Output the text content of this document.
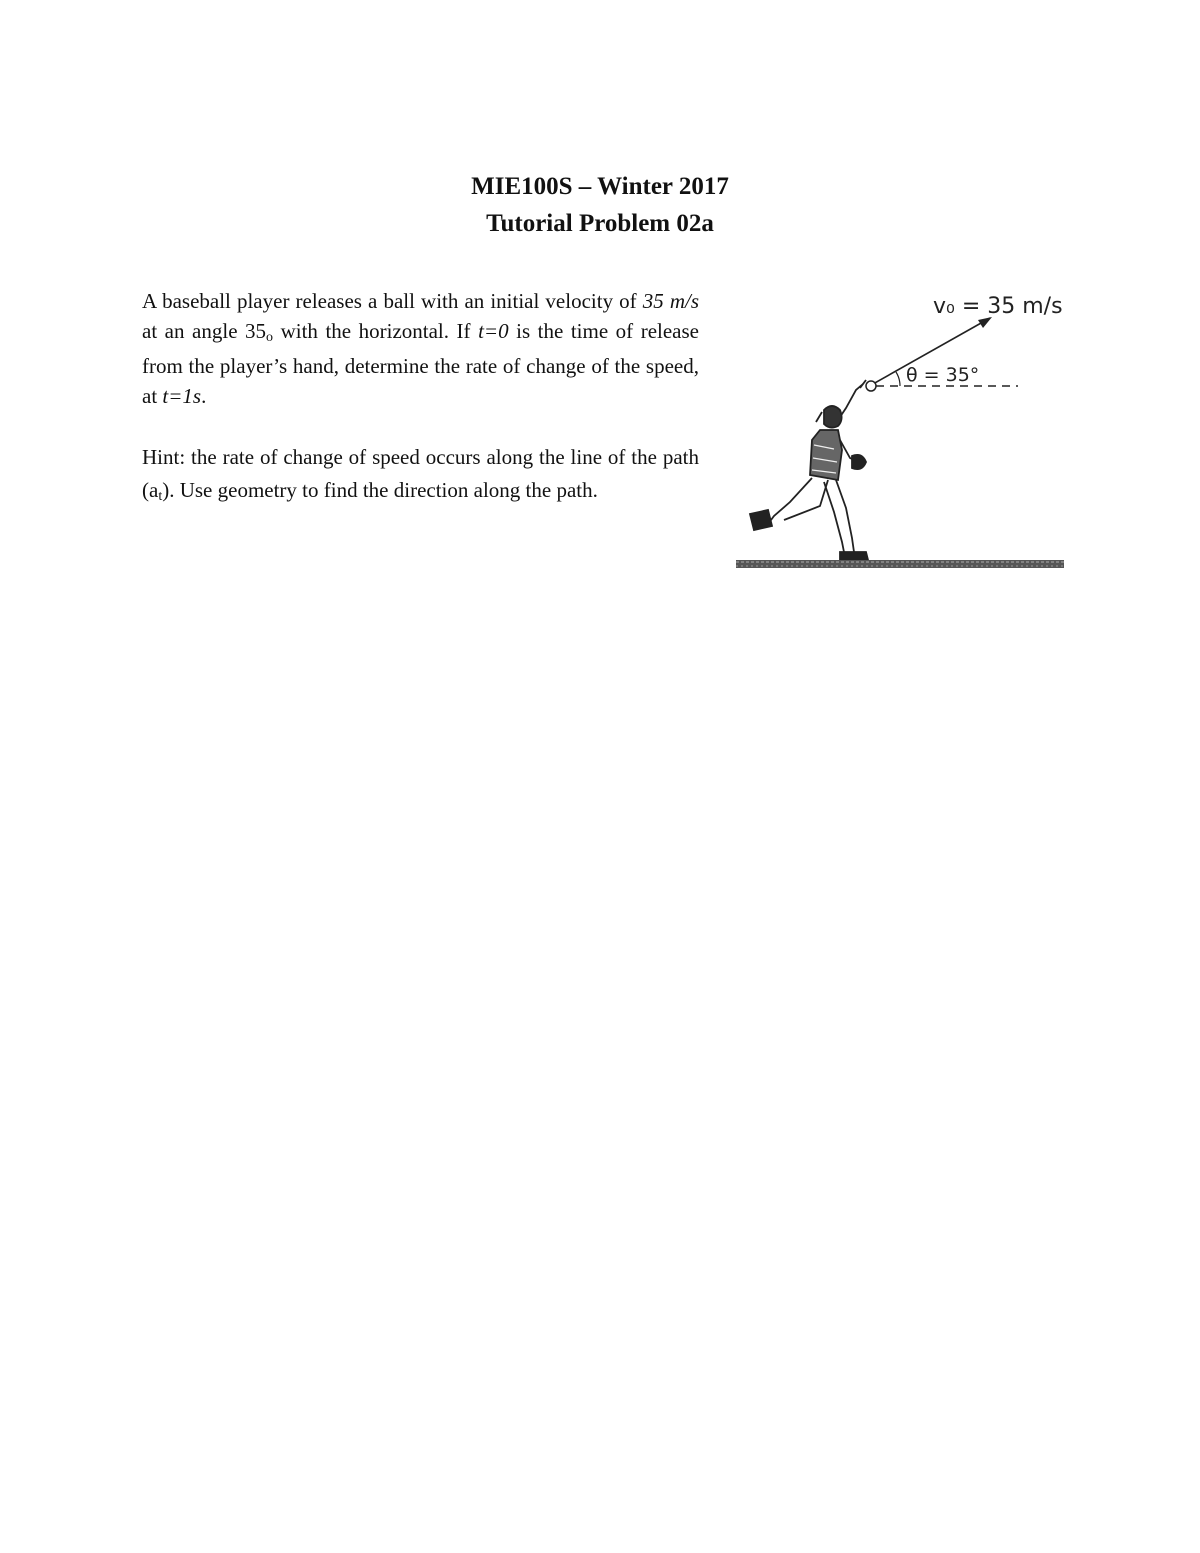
MIE100S – Winter 2017
Tutorial Problem 02a

A baseball player releases a ball with an initial velocity of 35 m/s at an angle $35_o$ with the horizontal. If t=0 is the time of release from the player’s hand, determine the rate of change of the speed, at t=1s.

Hint: the rate of change of speed occurs along the line of the path $(a_t)$. Use geometry to find the direction along the path.

v₀ = 35 m/s
θ = 35°
